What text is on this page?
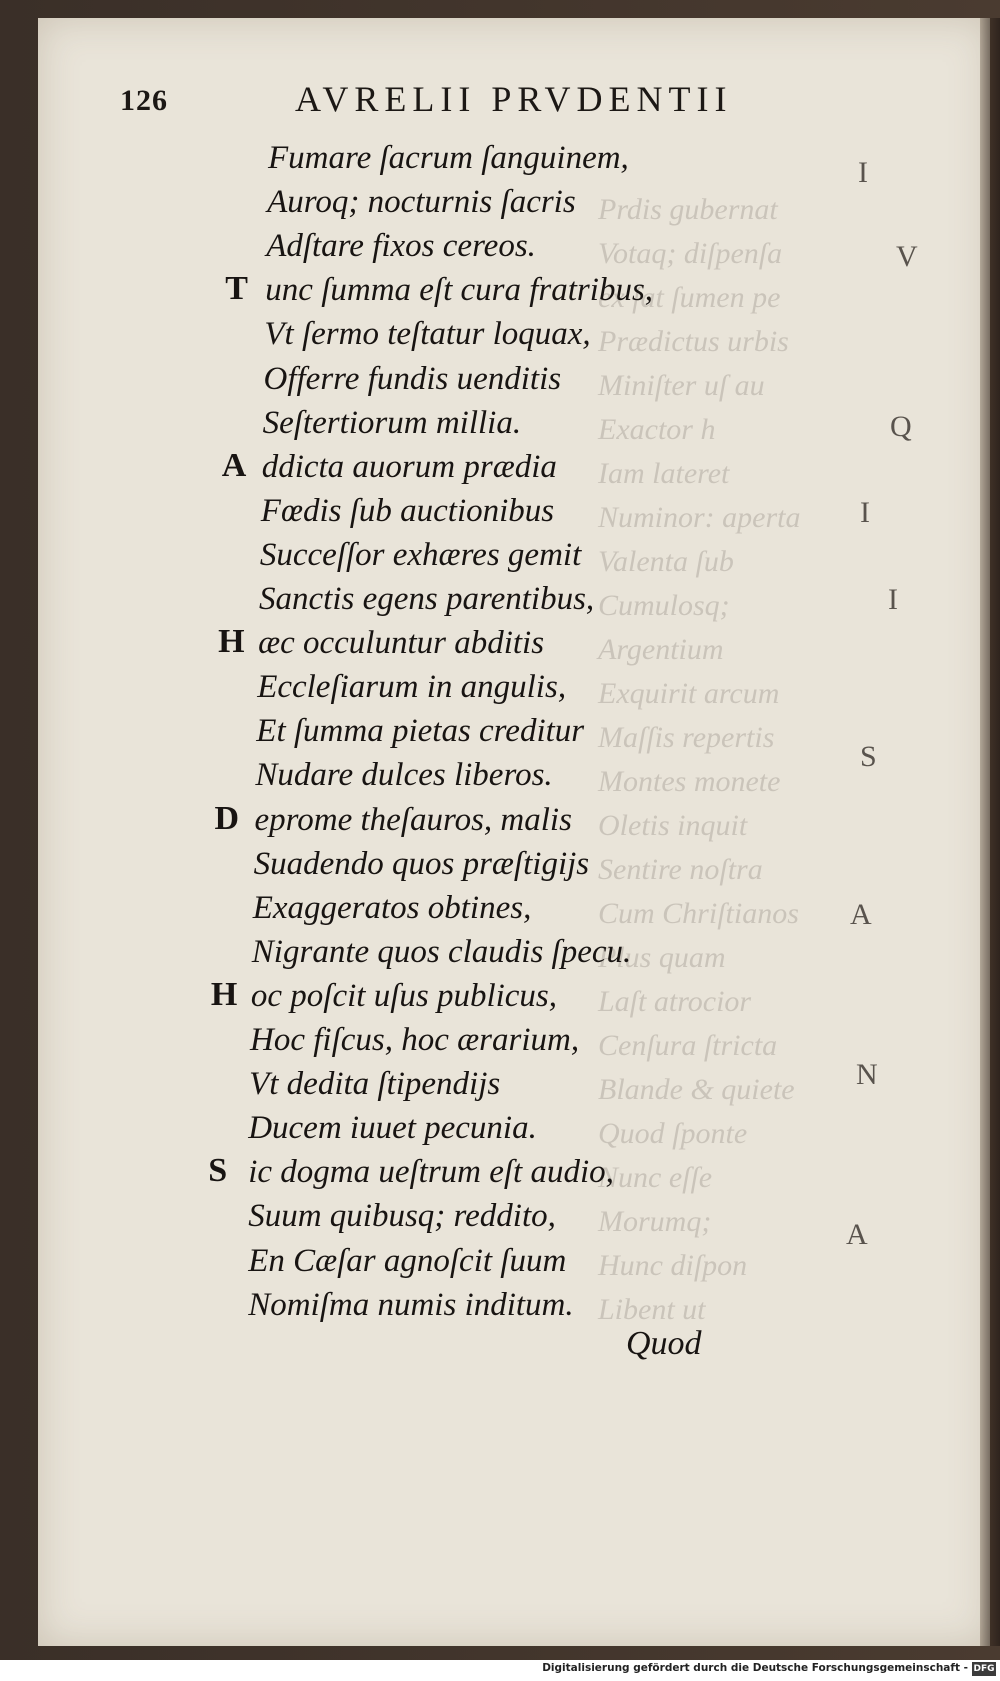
Prdis gubernat
Votaq; diſpenſa
ex ſat ſumen pe
Prædictus urbis
Miniſter uſ au
Exactor h
Iam lateret
Numinor: aperta
Valenta ſub
Cumulosq;
Argentium
Exquirit arcum
Maſſis repertis
Montes monete
Oletis inquit
Sentire noſtra
Cum Chriſtianos
Plus quam
Laſt atrocior
Cenſura ſtricta
Blande & quiete
Quod ſponte
Nunc eſſe
Morumq;
Hunc diſpon
Libent ut
I
V
Q
I
I
S
A
N
A
126	AVRELII PRVDENTII
Fumare ſacrum ſanguinem,
Auroq; nocturnis ſacris
Adſtare fixos cereos.
unc ſumma eſt cura fratribus,
T
Vt ſermo teſtatur loquax,
Offerre fundis uenditis
Seſtertiorum millia.
ddicta auorum prædia
A
Fœdis ſub auctionibus
Succeſſor exhæres gemit
Sanctis egens parentibus,
æc occuluntur abditis
H
Eccleſiarum in angulis,
Et ſumma pietas creditur
Nudare dulces liberos.
eprome theſauros, malis
D
Suadendo quos præſtigijs
Exaggeratos obtines,
Nigrante quos claudis ſpecu.
oc poſcit uſus publicus,
H
Hoc fiſcus, hoc ærarium,
Vt dedita ſtipendijs
Ducem iuuet pecunia.
ic dogma ueſtrum eſt audio,
S
Suum quibusq; reddito,
En Cæſar agnoſcit ſuum
Nomiſma numis inditum.
Quod
Digitalisierung gefördert durch die Deutsche Forschungsgemeinschaft - DFG
